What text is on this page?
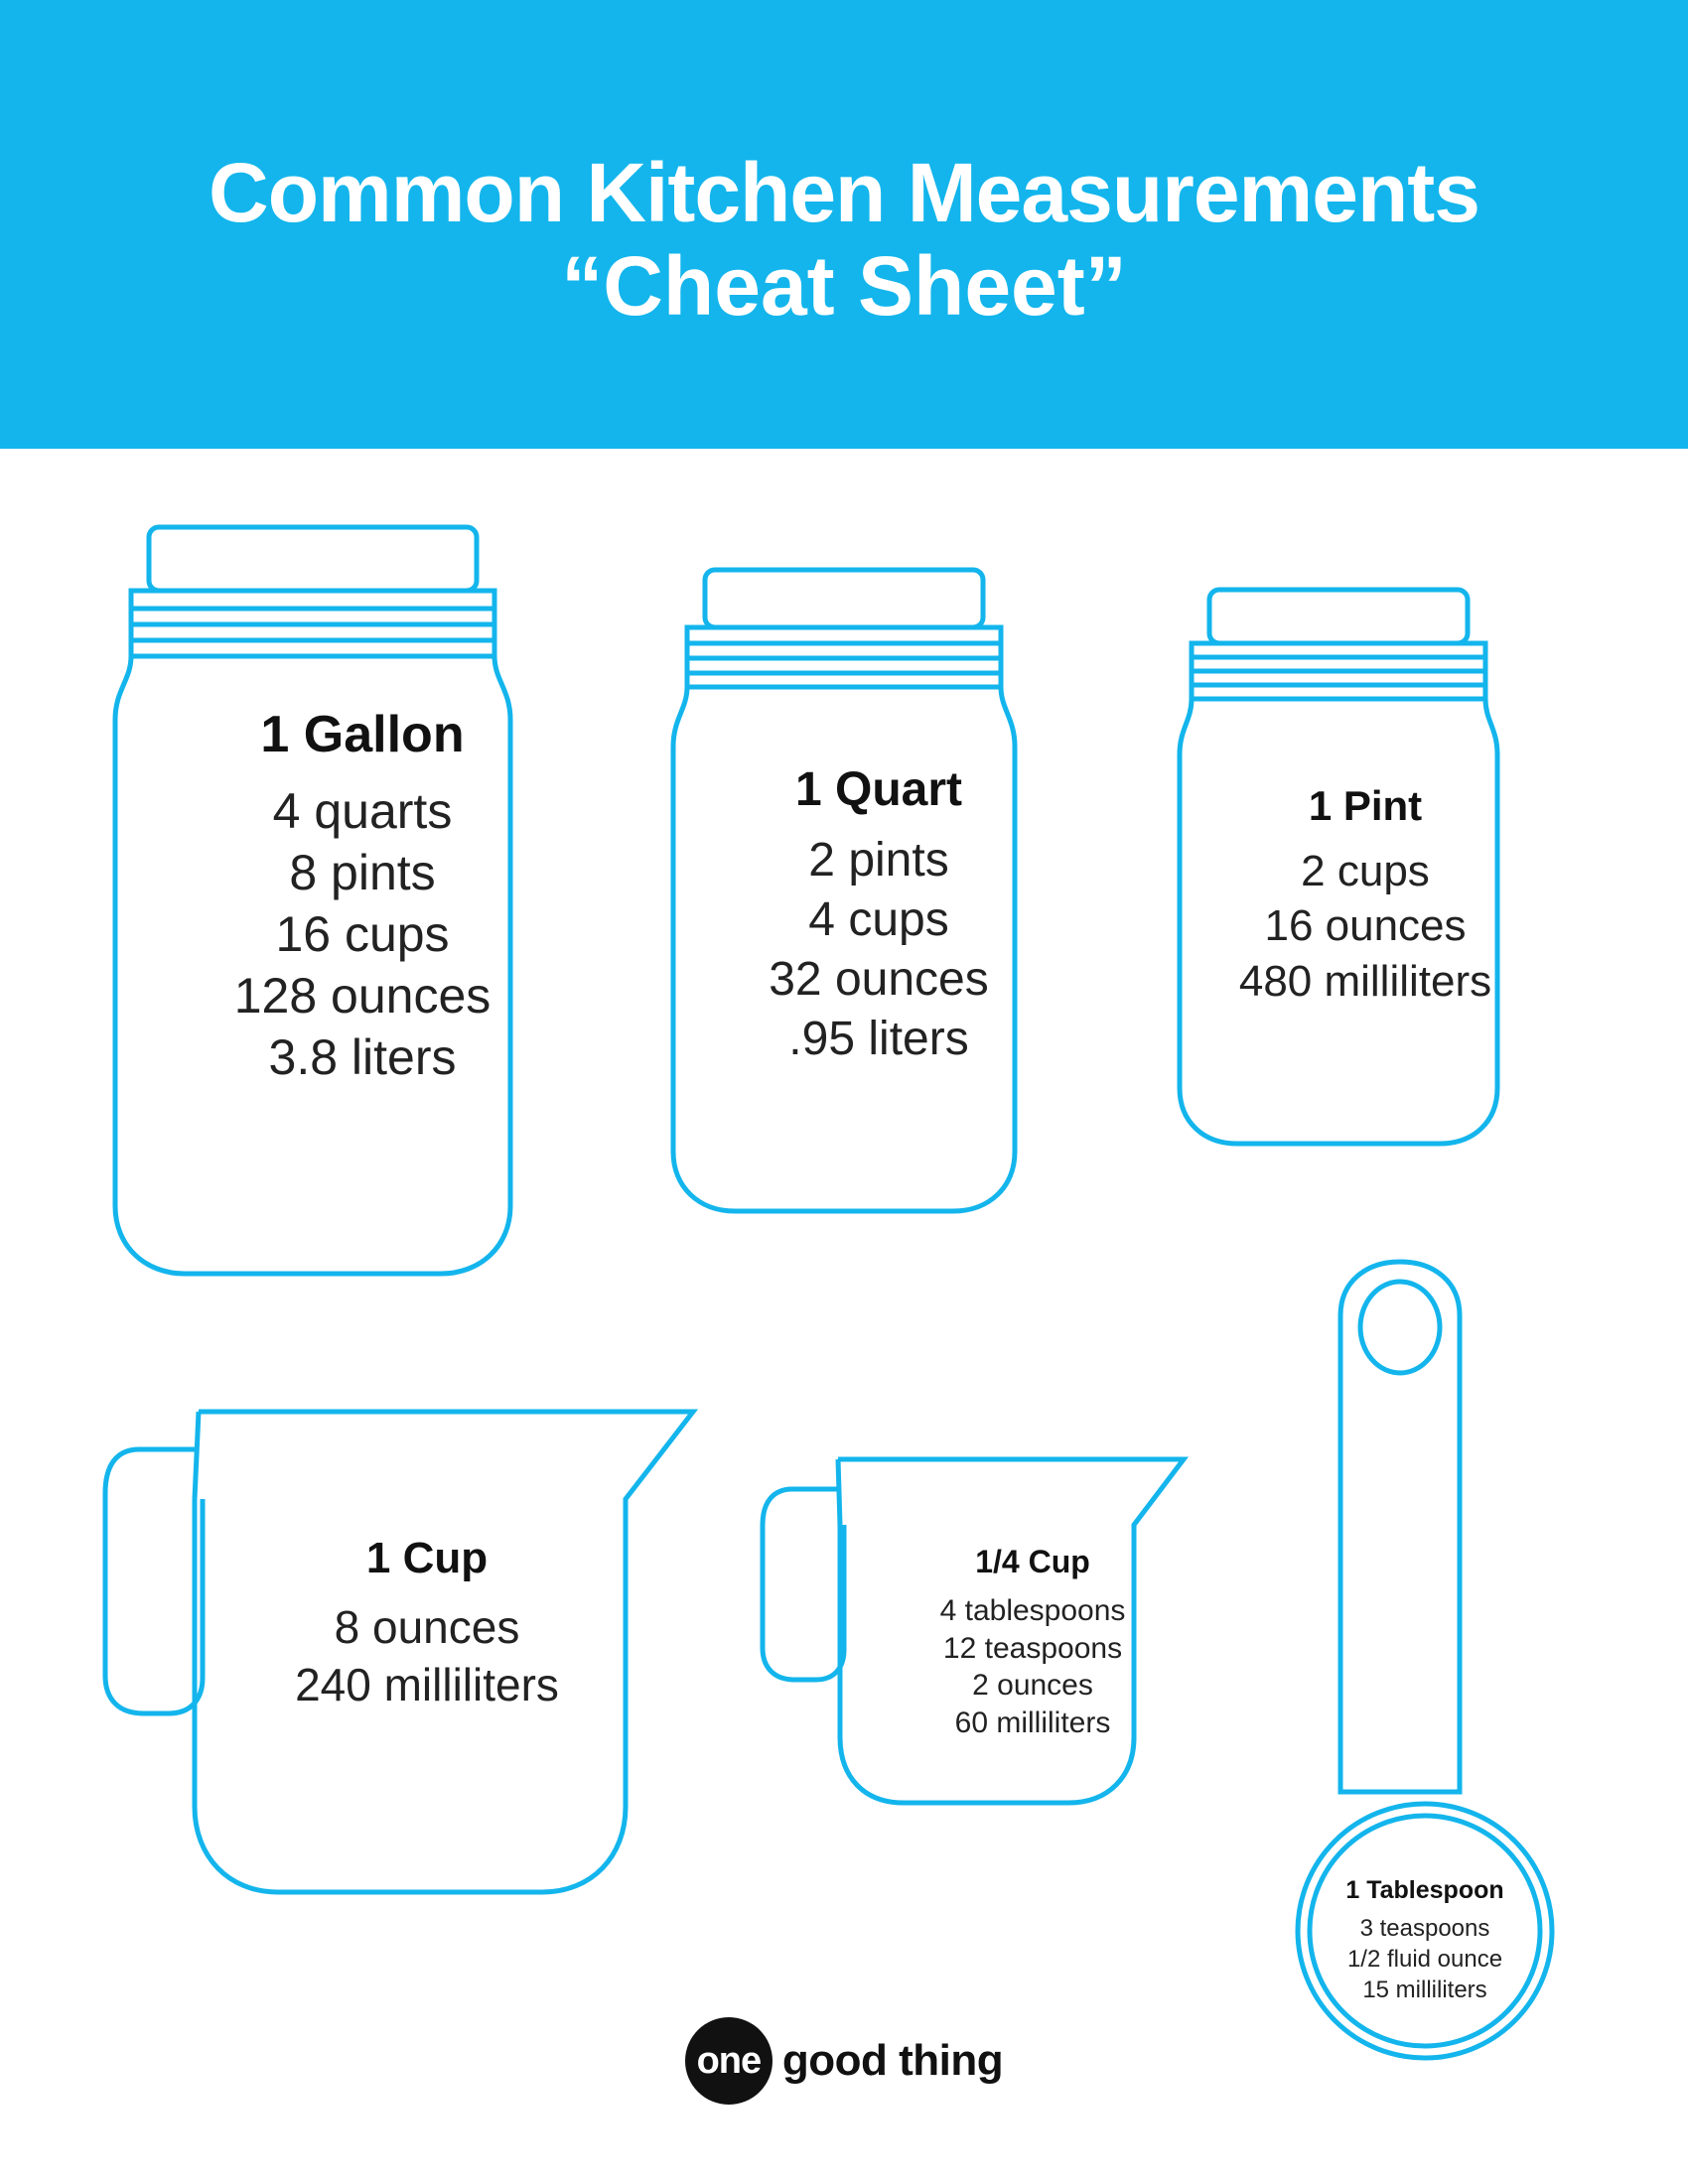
Common Kitchen Measurements
“Cheat Sheet”
1 Gallon
4 quarts
8 pints
16 cups
128 ounces
3.8 liters
1 Quart
2 pints
4 cups
32 ounces
.95 liters
1 Pint
2 cups
16 ounces
480 milliliters
1 Cup
8 ounces
240 milliliters
1/4 Cup
4 tablespoons
12 teaspoons
2 ounces
60 milliliters
1 Tablespoon
3 teaspoons
1/2 fluid ounce
15 milliliters
one good thing
